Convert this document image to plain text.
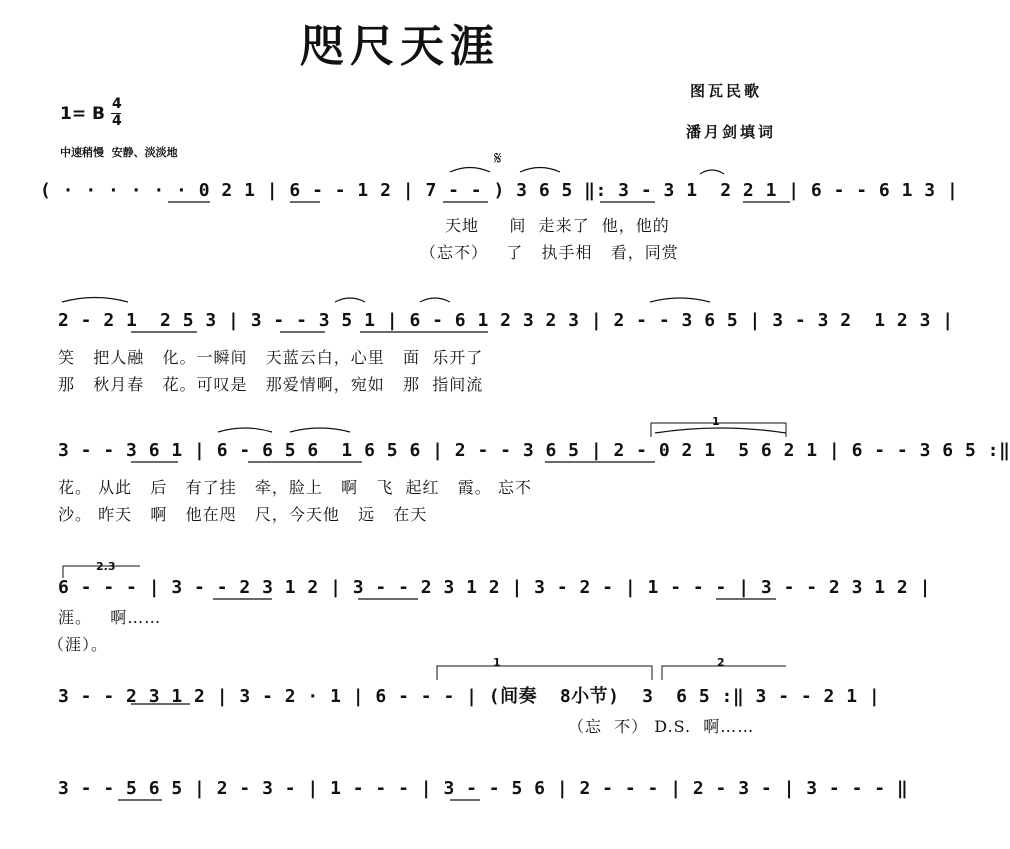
咫尺天涯
图瓦民歌
潘月剑填词
1= B 4
4
中速稍慢  安静、淡淡地	𝄋
( · · · · · · 0 2 1 | 6 - - 1 2 | 7 - - ) 3 6 5 ‖: 3 - 3 1  2 2 1 | 6 - - 6 1 3 |
天地     间  走来了  他，他的
（忘不）   了   执手相   看，同赏
2 - 2 1  2 5 3 | 3 - - 3 5 1 | 6 - 6 1 2 3 2 3 | 2 - - 3 6 5 | 3 - 3 2  1 2 3 |
笑   把人融   化。一瞬间   天蓝云白，心里   面  乐开了
那   秋月春   花。可叹是   那爱情啊，宛如   那  指间流
1
3 - - 3 6 1 | 6 - 6 5 6  1 6 5 6 | 2 - - 3 6 5 | 2 - 0 2 1  5 6 2 1 | 6 - - 3 6 5 :‖
花。 从此   后   有了挂   牵，脸上   啊   飞  起红   霞。 忘不
沙。 昨天   啊   他在咫   尺，今天他   远   在天
2.3
6 - - - | 3 - - 2 3 1 2 | 3 - - 2 3 1 2 | 3 - 2 - | 1 - - - | 3 - - 2 3 1 2 |
涯。   啊……
（涯）。
1	2
3 - - 2 3 1 2 | 3 - 2 · 1 | 6 - - - | (间奏  8小节)  3  6 5 :‖ 3 - - 2 1 |
（忘  不） D.S.  啊……
3 - - 5 6 5 | 2 - 3 - | 1 - - - | 3 - - 5 6 | 2 - - - | 2 - 3 - | 3 - - - ‖
